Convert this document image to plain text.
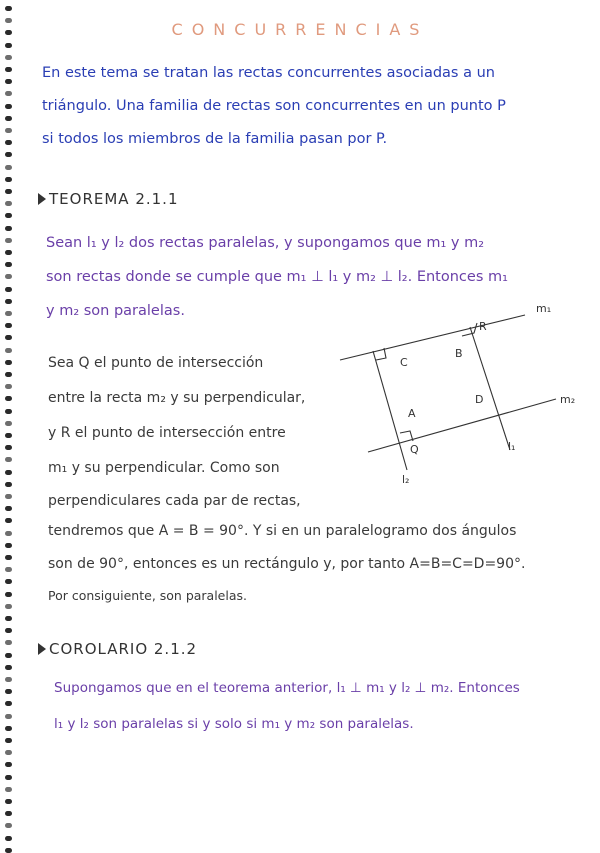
CONCURRENCIAS
En este tema se tratan las rectas concurrentes asociadas a un
triángulo. Una familia de rectas son concurrentes en un punto P
si todos los miembros de la familia pasan por P.
TEOREMA 2.1.1
Sean l₁ y l₂ dos rectas paralelas, y supongamos que m₁ y m₂
son rectas donde se cumple que m₁ ⊥ l₁ y m₂ ⊥ l₂. Entonces m₁
y m₂ son paralelas.
Sea Q el punto de intersección
entre la recta m₂ y su perpendicular,
y R el punto de intersección entre
m₁ y su perpendicular. Como son
perpendiculares cada par de rectas,
tendremos que A = B = 90°. Y si en un paralelogramo dos ángulos
son de 90°, entonces es un rectángulo y, por tanto A=B=C=D=90°.
Por consiguiente, son paralelas.
m₁
m₂
l₁
l₂
C
B
R
D
A
Q
COROLARIO 2.1.2
Supongamos que en el teorema anterior, l₁ ⊥ m₁ y l₂ ⊥ m₂. Entonces
l₁ y l₂ son paralelas si y solo si m₁ y m₂ son paralelas.
